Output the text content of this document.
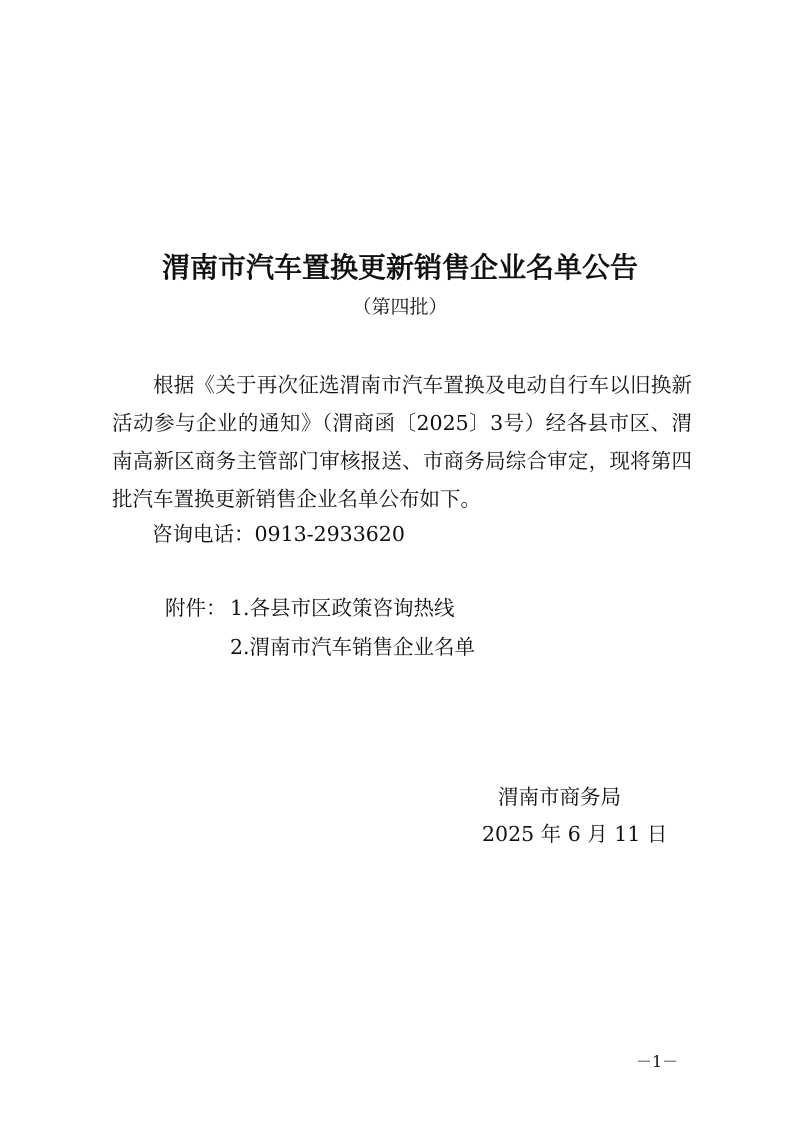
渭南市汽车置换更新销售企业名单公告
（第四批）
根据《关于再次征选渭南市汽车置换及电动自行车以旧换新活动参与企业的通知》（渭商函〔2025〕3号）经各县市区、渭南高新区商务主管部门审核报送、市商务局综合审定，现将第四批汽车置换更新销售企业名单公布如下。
咨询电话：0913-2933620
附件： 1.各县市区政策咨询热线
2.渭南市汽车销售企业名单
渭南市商务局
2025 年 6 月 11 日
－1－
